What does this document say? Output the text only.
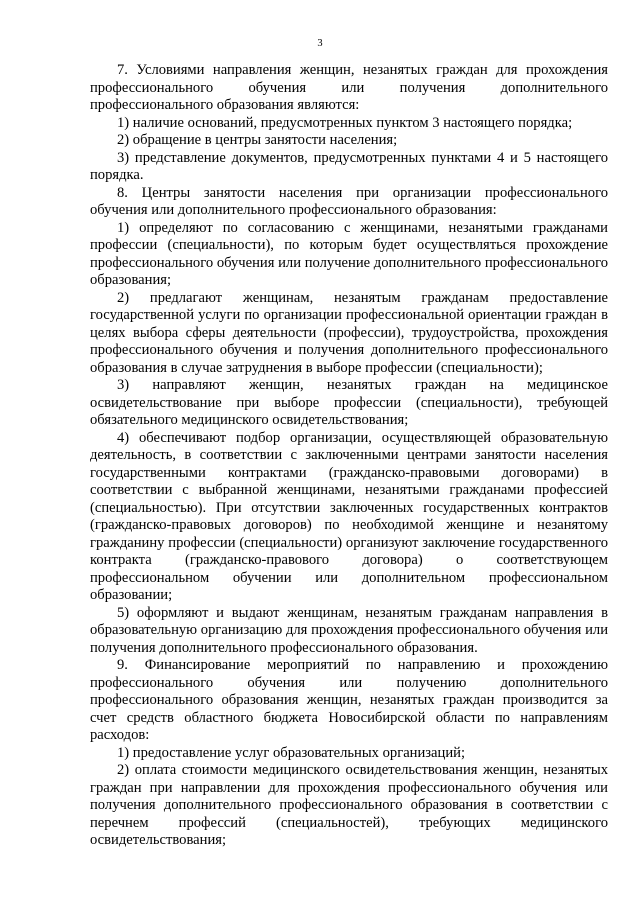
3

7. Условиями направления женщин, незанятых граждан для прохождения профессионального обучения или получения дополнительного профессионального образования являются:

1) наличие оснований, предусмотренных пунктом 3 настоящего порядка;

2) обращение в центры занятости населения;

3) представление документов, предусмотренных пунктами 4 и 5 настоящего порядка.

8. Центры занятости населения при организации профессионального обучения или дополнительного профессионального образования:

1) определяют по согласованию с женщинами, незанятыми гражданами профессии (специальности), по которым будет осуществляться прохождение профессионального обучения или получение дополнительного профессионального образования;

2) предлагают женщинам, незанятым гражданам предоставление государственной услуги по организации профессиональной ориентации граждан в целях выбора сферы деятельности (профессии), трудоустройства, прохождения профессионального обучения и получения дополнительного профессионального образования в случае затруднения в выборе профессии (специальности);

3) направляют женщин, незанятых граждан на медицинское освидетельствование при выборе профессии (специальности), требующей обязательного медицинского освидетельствования;

4) обеспечивают подбор организации, осуществляющей образовательную деятельность, в соответствии с заключенными центрами занятости населения государственными контрактами (гражданско-правовыми договорами) в соответствии с выбранной женщинами, незанятыми гражданами профессией (специальностью). При отсутствии заключенных государственных контрактов (гражданско-правовых договоров) по необходимой женщине и незанятому гражданину профессии (специальности) организуют заключение государственного контракта (гражданско-правового договора) о соответствующем профессиональном обучении или дополнительном профессиональном образовании;

5) оформляют и выдают женщинам, незанятым гражданам направления в образовательную организацию для прохождения профессионального обучения или получения дополнительного профессионального образования.

9. Финансирование мероприятий по направлению и прохождению профессионального обучения или получению дополнительного профессионального образования женщин, незанятых граждан производится за счет средств областного бюджета Новосибирской области по направлениям расходов:

1) предоставление услуг образовательных организаций;

2) оплата стоимости медицинского освидетельствования женщин, незанятых граждан при направлении для прохождения профессионального обучения или получения дополнительного профессионального образования в соответствии с перечнем профессий (специальностей), требующих медицинского освидетельствования;
